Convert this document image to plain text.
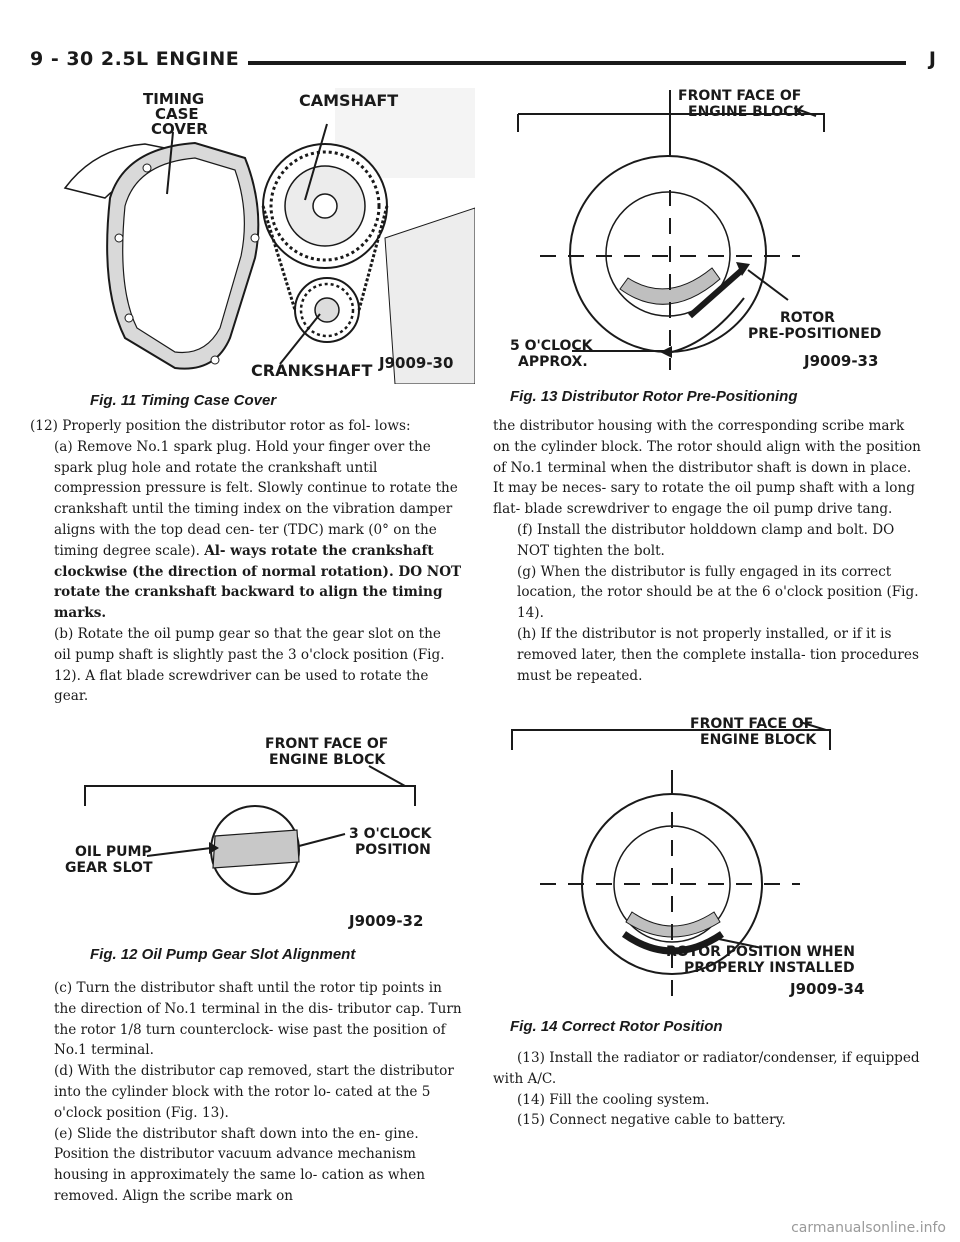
9 - 30 2.5L ENGINE	J
TIMING
CASE
COVER
CAMSHAFT
CRANKSHAFT J9009-30
Fig. 11 Timing Case Cover
FRONT FACE OF
ENGINE BLOCK
ROTOR
PRE-POSITIONED
5 O'CLOCK
APPROX.	J9009-33
Fig. 13 Distributor Rotor Pre-Positioning

(12) Properly position the distributor rotor as fol- lows:

(a) Remove No.1 spark plug. Hold your finger over the spark plug hole and rotate the crankshaft until compression pressure is felt. Slowly continue to rotate the crankshaft until the timing index on the vibration damper aligns with the top dead cen- ter (TDC) mark (0° on the timing degree scale). Al- ways rotate the crankshaft clockwise (the direction of normal rotation). DO NOT rotate the crankshaft backward to align the timing marks.

(b) Rotate the oil pump gear so that the gear slot on the oil pump shaft is slightly past the 3 o'clock position (Fig. 12). A flat blade screwdriver can be used to rotate the gear.

FRONT FACE OF
ENGINE BLOCK
OIL PUMP
GEAR SLOT
3 O'CLOCK
POSITION
J9009-32
Fig. 12 Oil Pump Gear Slot Alignment

(c) Turn the distributor shaft until the rotor tip points in the direction of No.1 terminal in the dis- tributor cap. Turn the rotor 1/8 turn counterclock- wise past the position of No.1 terminal.

(d) With the distributor cap removed, start the distributor into the cylinder block with the rotor lo- cated at the 5 o'clock position (Fig. 13).

(e) Slide the distributor shaft down into the en- gine. Position the distributor vacuum advance mechanism housing in approximately the same lo- cation as when removed. Align the scribe mark on

the distributor housing with the corresponding scribe mark on the cylinder block. The rotor should align with the position of No.1 terminal when the distributor shaft is down in place. It may be neces- sary to rotate the oil pump shaft with a long flat- blade screwdriver to engage the oil pump drive tang.

(f) Install the distributor holddown clamp and bolt. DO NOT tighten the bolt.

(g) When the distributor is fully engaged in its correct location, the rotor should be at the 6 o'clock position (Fig. 14).

(h) If the distributor is not properly installed, or if it is removed later, then the complete installa- tion procedures must be repeated.

FRONT FACE OF
ENGINE BLOCK
ROTOR POSITION WHEN
PROPERLY INSTALLED
J9009-34
Fig. 14 Correct Rotor Position

(13) Install the radiator or radiator/condenser, if equipped with A/C.

(14) Fill the cooling system.

(15) Connect negative cable to battery.

carmanualsonline.info
